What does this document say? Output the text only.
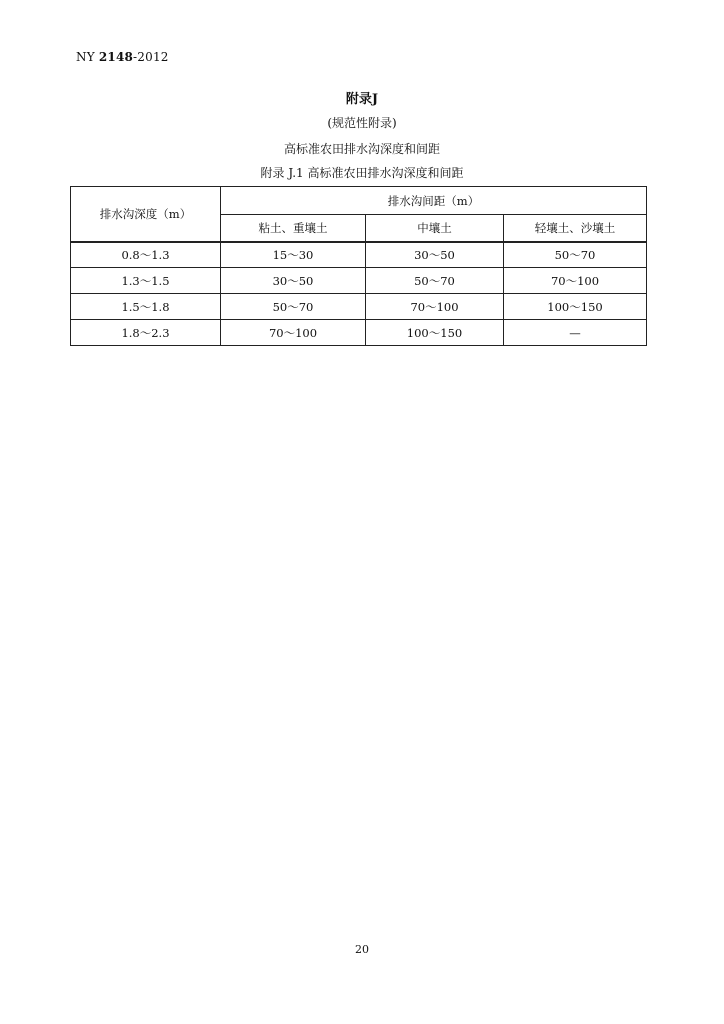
NY 2148-2012
附录J
(规范性附录)
高标准农田排水沟深度和间距
附录 J.1 高标准农田排水沟深度和间距
排水沟深度（m）	排水沟间距（m）		
	粘土、重壤土	中壤土	轻壤土、沙壤土
0.8～1.3	15～30	30～50	50～70
1.3～1.5	30～50	50～70	70～100
1.5～1.8	50～70	70～100	100～150
1.8～2.3	70～100	100～150	—
20
